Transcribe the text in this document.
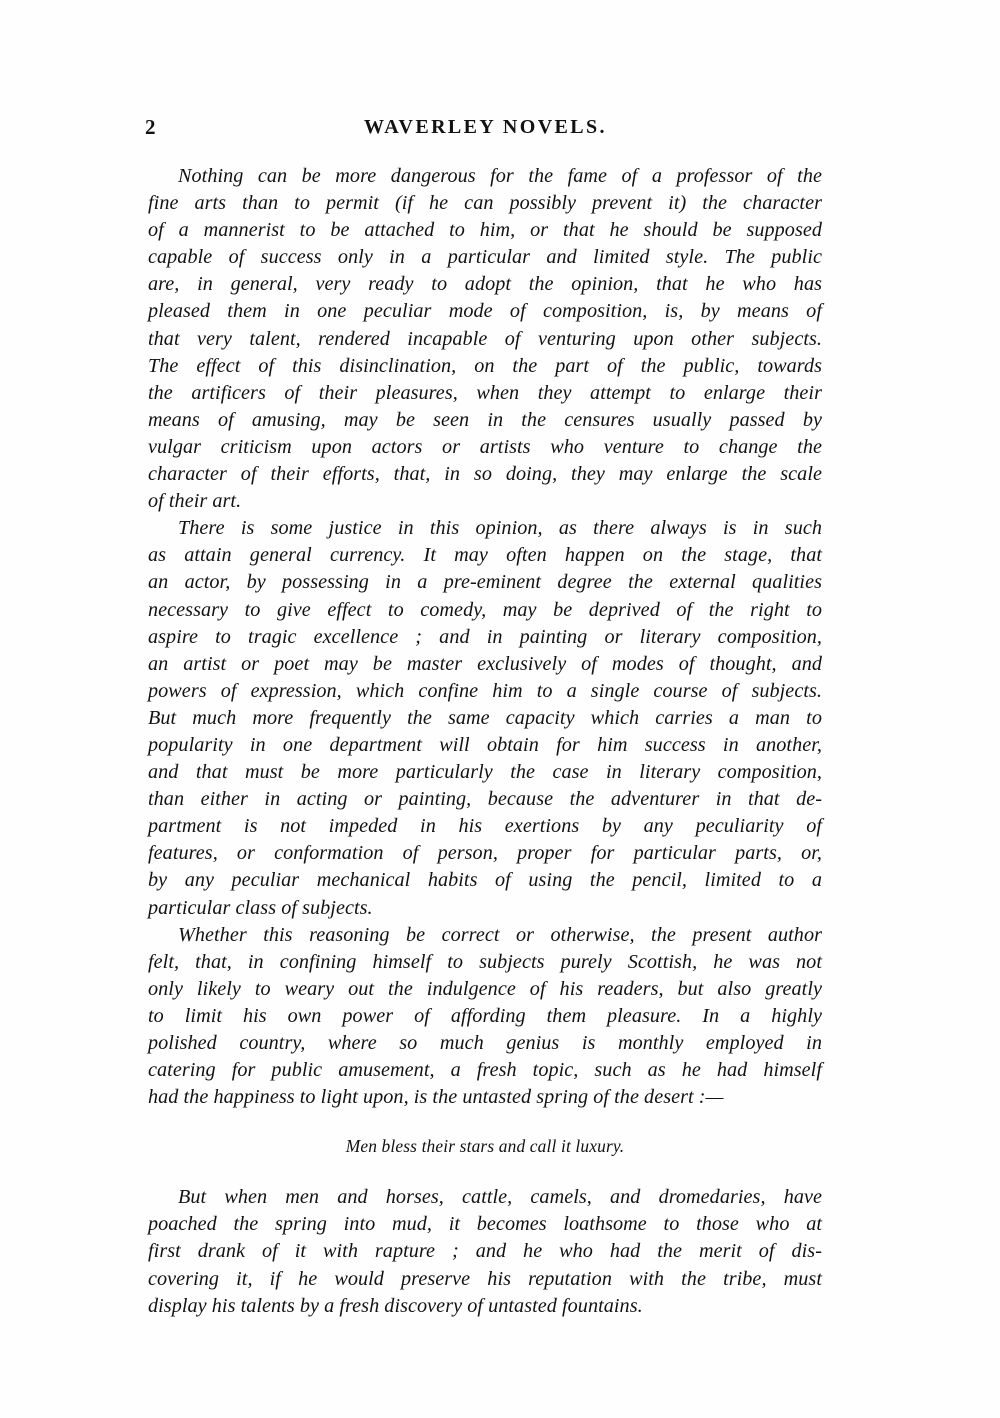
2	WAVERLEY NOVELS.

Nothing can be more dangerous for the fame of a professor of the
fine arts than to permit (if he can possibly prevent it) the character
of a mannerist to be attached to him, or that he should be supposed
capable of success only in a particular and limited style. The public
are, in general, very ready to adopt the opinion, that he who has
pleased them in one peculiar mode of composition, is, by means of
that very talent, rendered incapable of venturing upon other subjects.
The effect of this disinclination, on the part of the public, towards
the artificers of their pleasures, when they attempt to enlarge their
means of amusing, may be seen in the censures usually passed by
vulgar criticism upon actors or artists who venture to change the
character of their efforts, that, in so doing, they may enlarge the scale
of their art.

There is some justice in this opinion, as there always is in such
as attain general currency. It may often happen on the stage, that
an actor, by possessing in a pre-eminent degree the external qualities
necessary to give effect to comedy, may be deprived of the right to
aspire to tragic excellence ; and in painting or literary composition,
an artist or poet may be master exclusively of modes of thought, and
powers of expression, which confine him to a single course of subjects.
But much more frequently the same capacity which carries a man to
popularity in one department will obtain for him success in another,
and that must be more particularly the case in literary composition,
than either in acting or painting, because the adventurer in that de-
partment is not impeded in his exertions by any peculiarity of
features, or conformation of person, proper for particular parts, or,
by any peculiar mechanical habits of using the pencil, limited to a
particular class of subjects.

Whether this reasoning be correct or otherwise, the present author
felt, that, in confining himself to subjects purely Scottish, he was not
only likely to weary out the indulgence of his readers, but also greatly
to limit his own power of affording them pleasure. In a highly
polished country, where so much genius is monthly employed in
catering for public amusement, a fresh topic, such as he had himself
had the happiness to light upon, is the untasted spring of the desert :—

Men bless their stars and call it luxury.

But when men and horses, cattle, camels, and dromedaries, have
poached the spring into mud, it becomes loathsome to those who at
first drank of it with rapture ; and he who had the merit of dis-
covering it, if he would preserve his reputation with the tribe, must
display his talents by a fresh discovery of untasted fountains.
